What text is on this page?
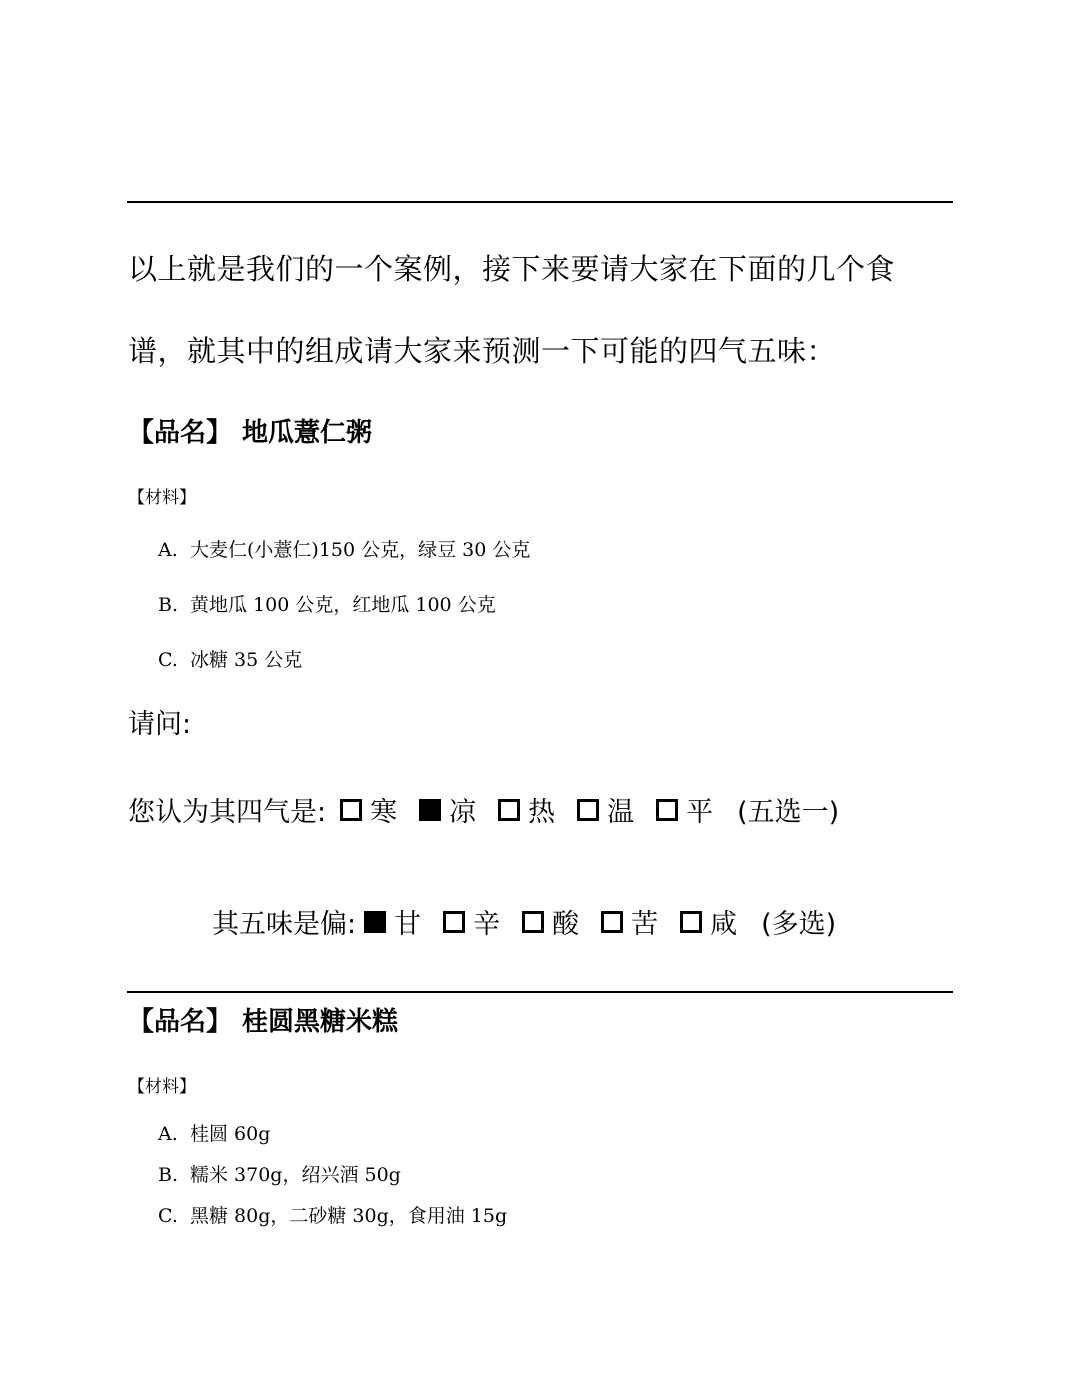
以上就是我们的一个案例，接下来要请大家在下面的几个食
谱，就其中的组成请大家来预测一下可能的四气五味：
【品名】 地瓜薏仁粥
【材料】
A. 大麦仁(小薏仁)150 公克，绿豆 30 公克
B. 黄地瓜 100 公克，红地瓜 100 公克
C. 冰糖 35 公克
请问:
您认为其四气是: 寒 凉 热 温 平 (五选一)
其五味是偏: 甘 辛 酸 苦 咸 (多选)
【品名】 桂圆黑糖米糕
【材料】
A. 桂圆 60g
B. 糯米 370g，绍兴酒 50g
C. 黑糖 80g，二砂糖 30g，食用油 15g
